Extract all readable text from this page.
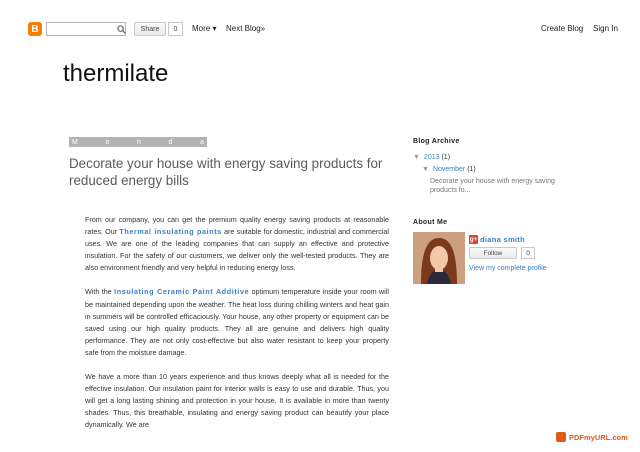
B	Share	0	More ▾ Next Blog»	Create Blog Sign In
thermilate
M	o	n	d	a
Decorate your house with energy saving products for reduced energy bills

From our company, you can get the premium quality energy saving products at reasonable rates. Our Thermal insulating paints are suitable for domestic, industrial and commercial uses. We are one of the leading companies that can supply an effective and protective insulation. For the safety of our customers, we deliver only the well-tested products. They are also environment friendly and very helpful in reducing energy loss.

With the Insulating Ceramic Paint Additive optimum temperature inside your room will be maintained depending upon the weather. The heat loss during chilling winters and heat gain in summers will be controlled efficaciously. Your house, any other property or equipment can be saved using our high quality products. They all are genuine and delivers high quality performance. They are not only cost-effective but also water resistant to keep your property safe from the moisture damage.

We have a more than 10 years experience and thus knows deeply what all is needed for the effective insulation. Our insulation paint for interior walls is easy to use and durable. Thus, you will get a long lasting shining and protection in your house. It is available in more than twenty shades. Thus, this breathable, insulating and energy saving product can beautify your place dynamically. We are

Blog Archive
▼ 2013 (1)
▼ November (1)
Decorate your house with energy saving products fo...
About Me
g+ diana smith
Follow	0
View my complete profile
PDFmyURL.com
